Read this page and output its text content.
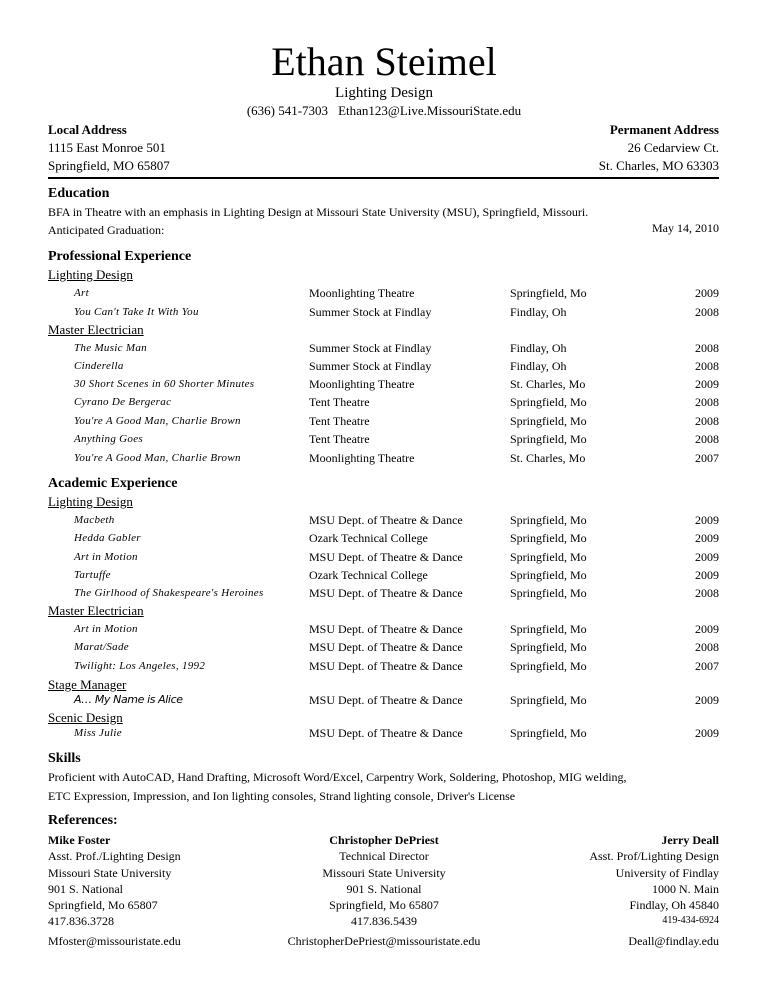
Ethan Steimel
Lighting Design
(636) 541-7303 Ethan123@Live.MissouriState.edu
Local Address
1115 East Monroe 501
Springfield, MO 65807
Permanent Address
26 Cedarview Ct.
St. Charles, MO 63303
Education
BFA in Theatre with an emphasis in Lighting Design at Missouri State University (MSU), Springfield, Missouri.
Anticipated Graduation:	May 14, 2010
Professional Experience
Lighting Design
Art	Moonlighting Theatre	Springfield, Mo	2009
You Can't Take It With You	Summer Stock at Findlay	Findlay, Oh	2008
Master Electrician
The Music Man	Summer Stock at Findlay	Findlay, Oh	2008
Cinderella	Summer Stock at Findlay	Findlay, Oh	2008
30 Short Scenes in 60 Shorter Minutes	Moonlighting Theatre	St. Charles, Mo	2009
Cyrano De Bergerac	Tent Theatre	Springfield, Mo	2008
You're A Good Man, Charlie Brown	Tent Theatre	Springfield, Mo	2008
Anything Goes	Tent Theatre	Springfield, Mo	2008
You're A Good Man, Charlie Brown	Moonlighting Theatre	St. Charles, Mo	2007
Academic Experience
Lighting Design
Macbeth	MSU Dept. of Theatre & Dance	Springfield, Mo	2009
Hedda Gabler	Ozark Technical College	Springfield, Mo	2009
Art in Motion	MSU Dept. of Theatre & Dance	Springfield, Mo	2009
Tartuffe	Ozark Technical College	Springfield, Mo	2009
The Girlhood of Shakespeare's Heroines	MSU Dept. of Theatre & Dance	Springfield, Mo	2008
Master Electrician
Art in Motion	MSU Dept. of Theatre & Dance	Springfield, Mo	2009
Marat/Sade	MSU Dept. of Theatre & Dance	Springfield, Mo	2008
Twilight: Los Angeles, 1992	MSU Dept. of Theatre & Dance	Springfield, Mo	2007
Stage Manager
A… My Name is Alice	MSU Dept. of Theatre & Dance	Springfield, Mo	2009
Scenic Design
Miss Julie	MSU Dept. of Theatre & Dance	Springfield, Mo	2009
Skills
Proficient with AutoCAD, Hand Drafting, Microsoft Word/Excel, Carpentry Work, Soldering, Photoshop, MIG welding,
ETC Expression, Impression, and Ion lighting consoles, Strand lighting console, Driver's License
References:
Mike Foster
Asst. Prof./Lighting Design
Missouri State University
901 S. National
Springfield, Mo 65807
417.836.3728
Mfoster@missouristate.edu
Christopher DePriest
Technical Director
Missouri State University
901 S. National
Springfield, Mo 65807
417.836.5439
ChristopherDePriest@missouristate.edu
Jerry Deall
Asst. Prof/Lighting Design
University of Findlay
1000 N. Main
Findlay, Oh 45840
419-434-6924
Deall@findlay.edu
